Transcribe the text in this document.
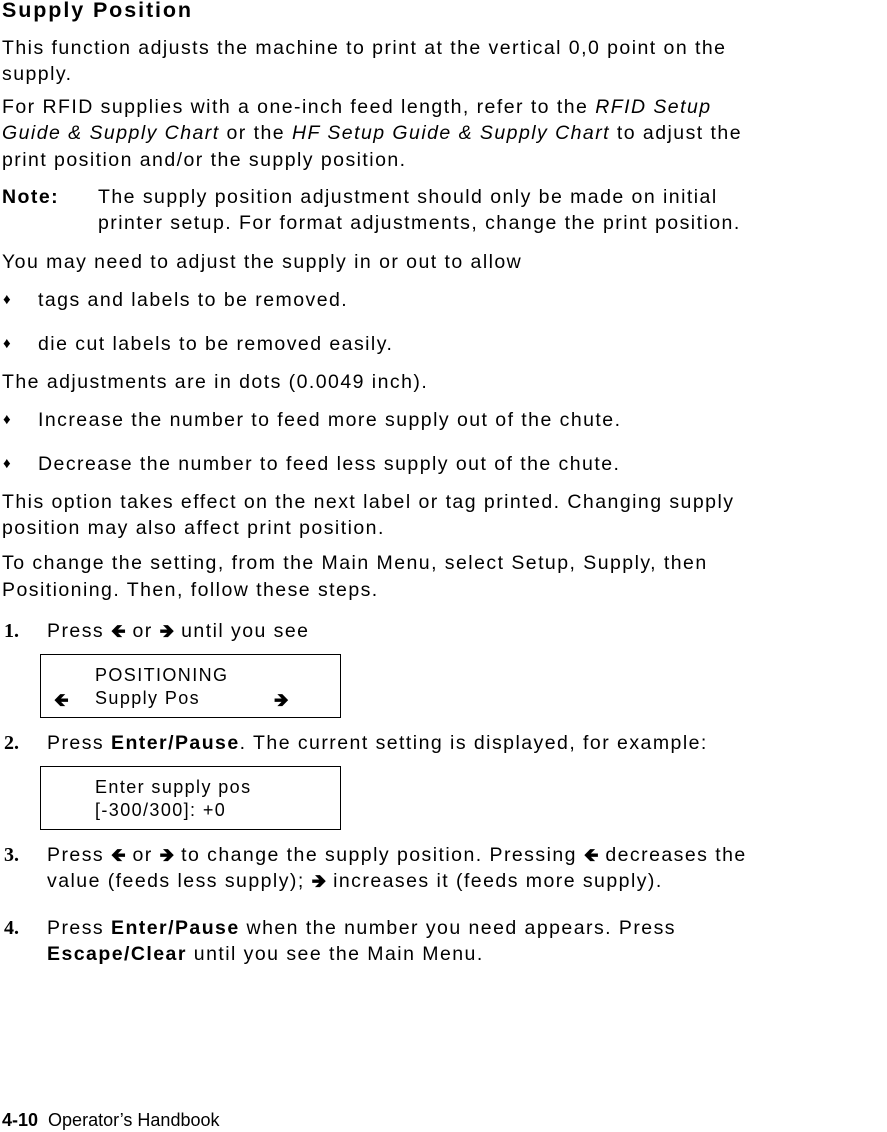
Supply Position

This function adjusts the machine to print at the vertical 0,0 point on the

supply.

For RFID supplies with a one-inch feed length, refer to the RFID Setup

Guide & Supply Chart or the HF Setup Guide & Supply Chart to adjust the

print position and/or the supply position.

Note: The supply position adjustment should only be made on initial

printer setup. For format adjustments, change the print position.

You may need to adjust the supply in or out to allow

♦ tags and labels to be removed.

♦ die cut labels to be removed easily.

The adjustments are in dots (0.0049 inch).

♦ Increase the number to feed more supply out of the chute.

♦ Decrease the number to feed less supply out of the chute.

This option takes effect on the next label or tag printed. Changing supply

position may also affect print position.

To change the setting, from the Main Menu, select Setup, Supply, then

Positioning. Then, follow these steps.

1. Press 🡸 or 🡺 until you see

POSITIONING
🡸 Supply Pos	🡺

2. Press Enter/Pause. The current setting is displayed, for example:

Enter supply pos
[-300/300]: +0

3. Press 🡸 or 🡺 to change the supply position. Pressing 🡸 decreases the

value (feeds less supply); 🡺 increases it (feeds more supply).

4. Press Enter/Pause when the number you need appears. Press

Escape/Clear until you see the Main Menu.

4-10 Operator’s Handbook
